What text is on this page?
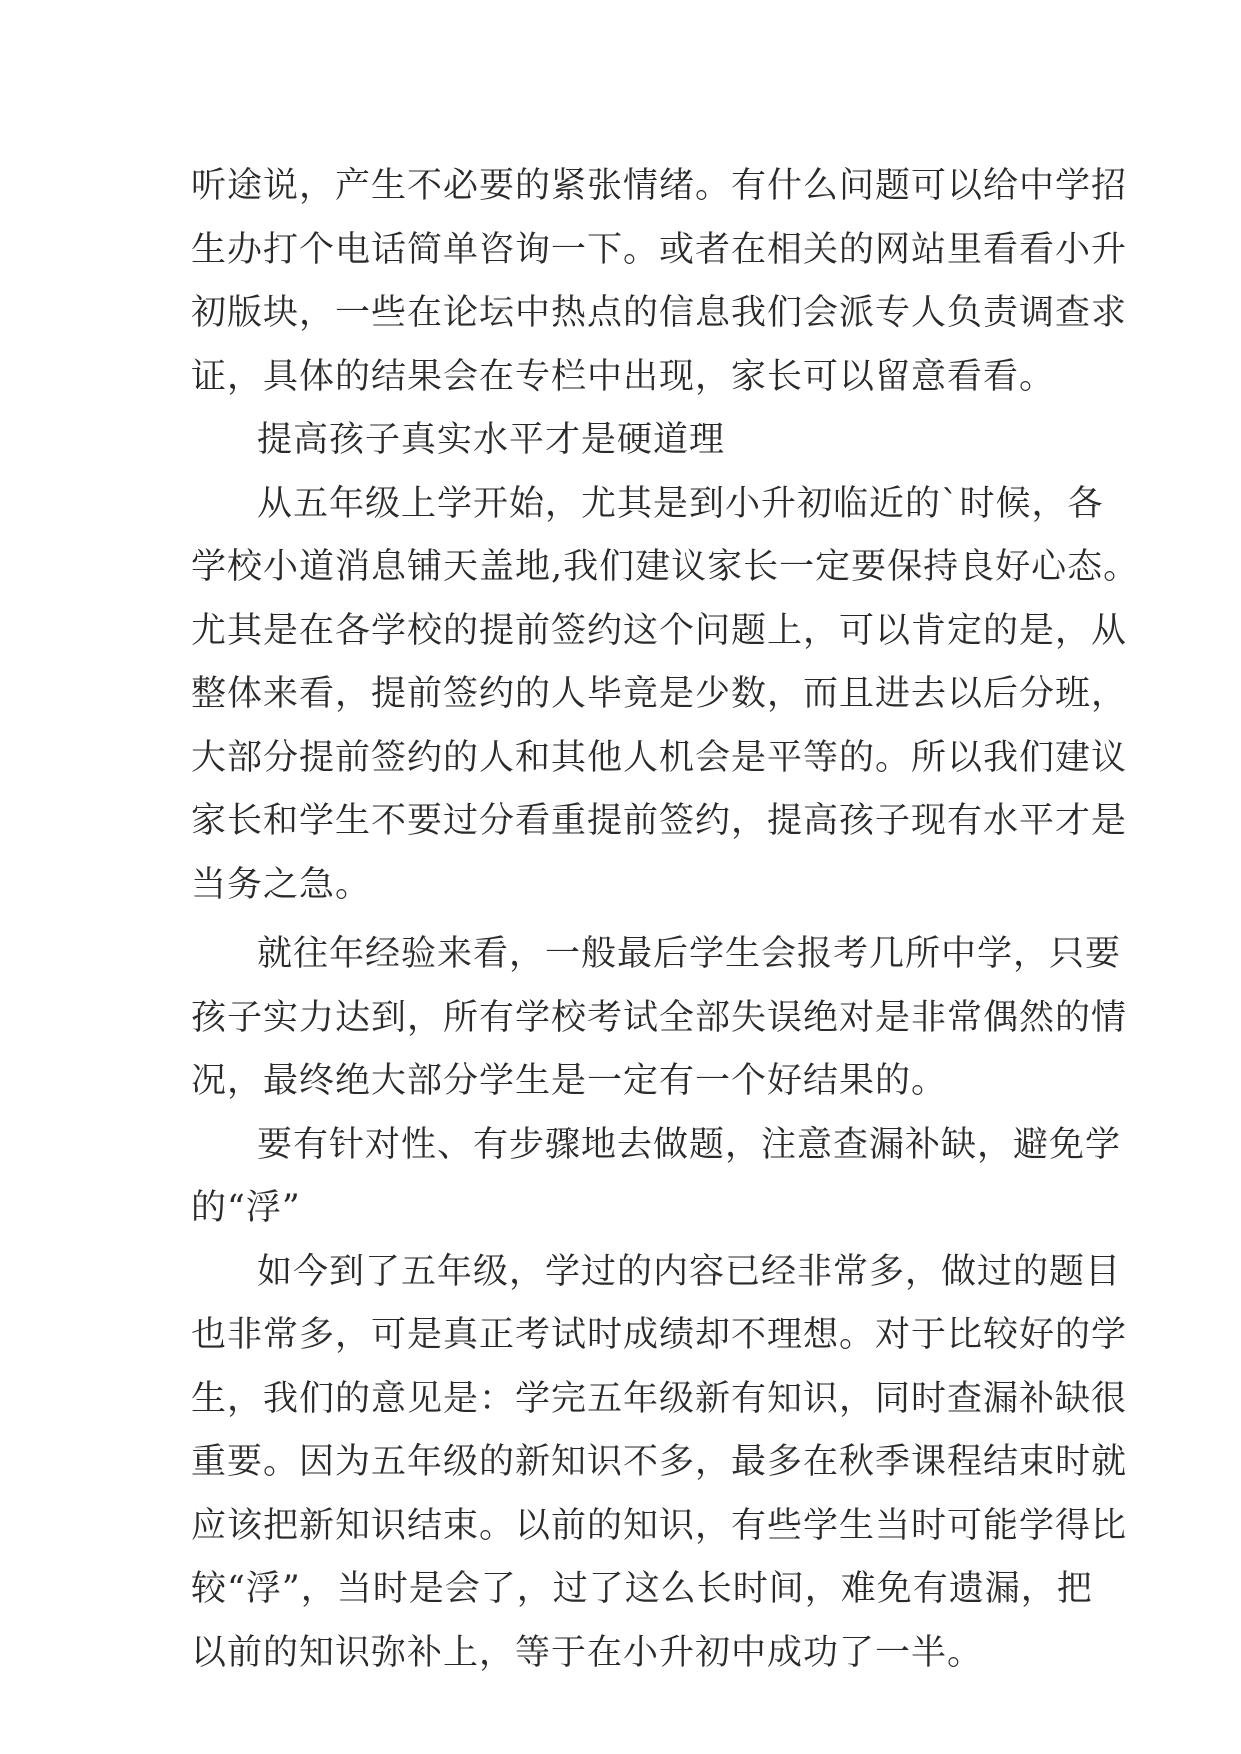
听途说，产生不必要的紧张情绪。有什么问题可以给中学招
生办打个电话简单咨询一下。或者在相关的网站里看看小升
初版块，一些在论坛中热点的信息我们会派专人负责调查求
证，具体的结果会在专栏中出现，家长可以留意看看。
提高孩子真实水平才是硬道理
从五年级上学开始，尤其是到小升初临近的`时候，各
学校小道消息铺天盖地,我们建议家长一定要保持良好心态。
尤其是在各学校的提前签约这个问题上，可以肯定的是，从
整体来看，提前签约的人毕竟是少数，而且进去以后分班，
大部分提前签约的人和其他人机会是平等的。所以我们建议
家长和学生不要过分看重提前签约，提高孩子现有水平才是
当务之急。
就往年经验来看，一般最后学生会报考几所中学，只要
孩子实力达到，所有学校考试全部失误绝对是非常偶然的情
况，最终绝大部分学生是一定有一个好结果的。
要有针对性、有步骤地去做题，注意查漏补缺，避免学
的“浮”
如今到了五年级，学过的内容已经非常多，做过的题目
也非常多，可是真正考试时成绩却不理想。对于比较好的学
生，我们的意见是：学完五年级新有知识，同时查漏补缺很
重要。因为五年级的新知识不多，最多在秋季课程结束时就
应该把新知识结束。以前的知识，有些学生当时可能学得比
较“浮”，当时是会了，过了这么长时间，难免有遗漏，把
以前的知识弥补上，等于在小升初中成功了一半。
